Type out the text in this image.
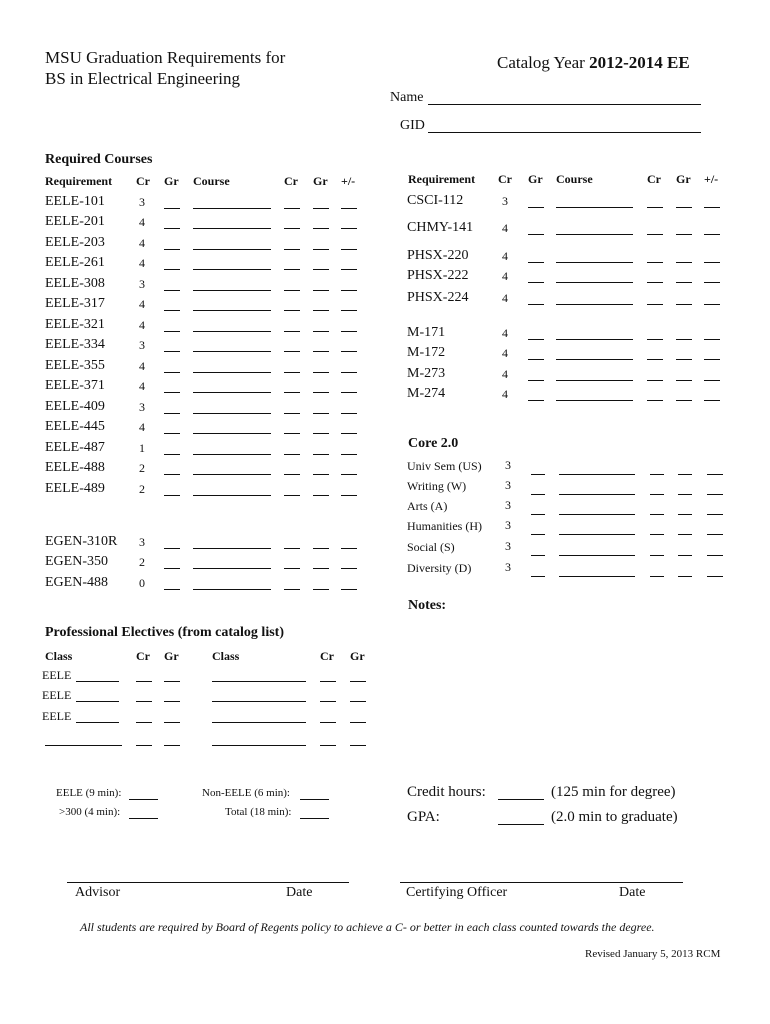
MSU Graduation Requirements for
BS in Electrical Engineering
Catalog Year 2012-2014 EE
Name
GID
Required Courses
Requirement Cr Gr Course	Cr Gr +/-
EELE-101	3
EELE-201	4
EELE-203	4
EELE-261	4
EELE-308	3
EELE-317	4
EELE-321	4
EELE-334	3
EELE-355	4
EELE-371	4
EELE-409	3
EELE-445	4
EELE-487	1
EELE-488	2
EELE-489	2
EGEN-310R 3
EGEN-350	2
EGEN-488	0
Requirement Cr Gr Course	Cr Gr +/-
CSCI-112	3
CHMY-141 4
PHSX-220	4
PHSX-222	4
PHSX-224	4
M-171	4
M-172	4
M-273	4
M-274	4
Core 2.0
Univ Sem (US) 3
Writing (W)	3
Arts (A)	3
Humanities (H) 3
Social (S)	3
Diversity (D)	3
Notes:
Professional Electives (from catalog list)
Class	Cr Gr	Class	Cr Gr
EELE
EELE
EELE
EELE (9 min):
>300 (4 min):
Non-EELE (6 min):
Total (18 min):
Credit hours:	(125 min for degree)
GPA:	(2.0 min to graduate)
Advisor	Date	Certifying Officer	Date
All students are required by Board of Regents policy to achieve a C- or better in each class counted towards the degree.
Revised January 5, 2013 RCM
